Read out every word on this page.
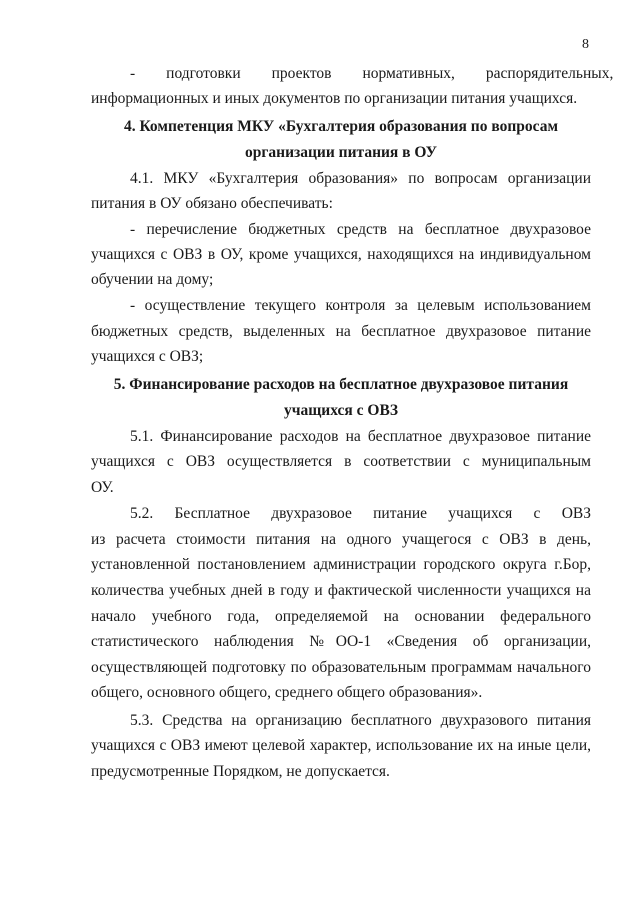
8
-        подготовки        проектов        нормативных,        распорядительных,
информационных и иных документов по организации питания учащихся.
4. Компетенция МКУ «Бухгалтерия образования по вопросам
организации питания в ОУ
4.1. МКУ «Бухгалтерия образования» по вопросам организации
питания в ОУ обязано обеспечивать:
- перечисление бюджетных средств на бесплатное двухразовое
учащихся с ОВЗ в ОУ, кроме учащихся, находящихся на индивидуальном
обучении на дому;
- осуществление текущего контроля за целевым использованием
бюджетных средств, выделенных на бесплатное двухразовое питание
учащихся с ОВЗ;
5. Финансирование расходов на бесплатное двухразовое питания
учащихся с ОВЗ
5.1. Финансирование расходов на бесплатное двухразовое питание
учащихся с ОВЗ осуществляется в соответствии с муниципальным
ОУ.
5.2. Бесплатное двухразовое питание учащихся с ОВЗ
из расчета стоимости питания на одного учащегося с ОВЗ в день,
установленной постановлением администрации городского округа г.Бор,
количества учебных дней в году и фактической численности учащихся на
начало учебного года, определяемой на основании федерального
статистического наблюдения №ОО-1 «Сведения об организации,
осуществляющей подготовку по образовательным программам начального
общего, основного общего, среднего общего образования».
5.3. Средства на организацию бесплатного двухразового питания
учащихся с ОВЗ имеют целевой характер, использование их на иные цели,
предусмотренные Порядком, не допускается.
